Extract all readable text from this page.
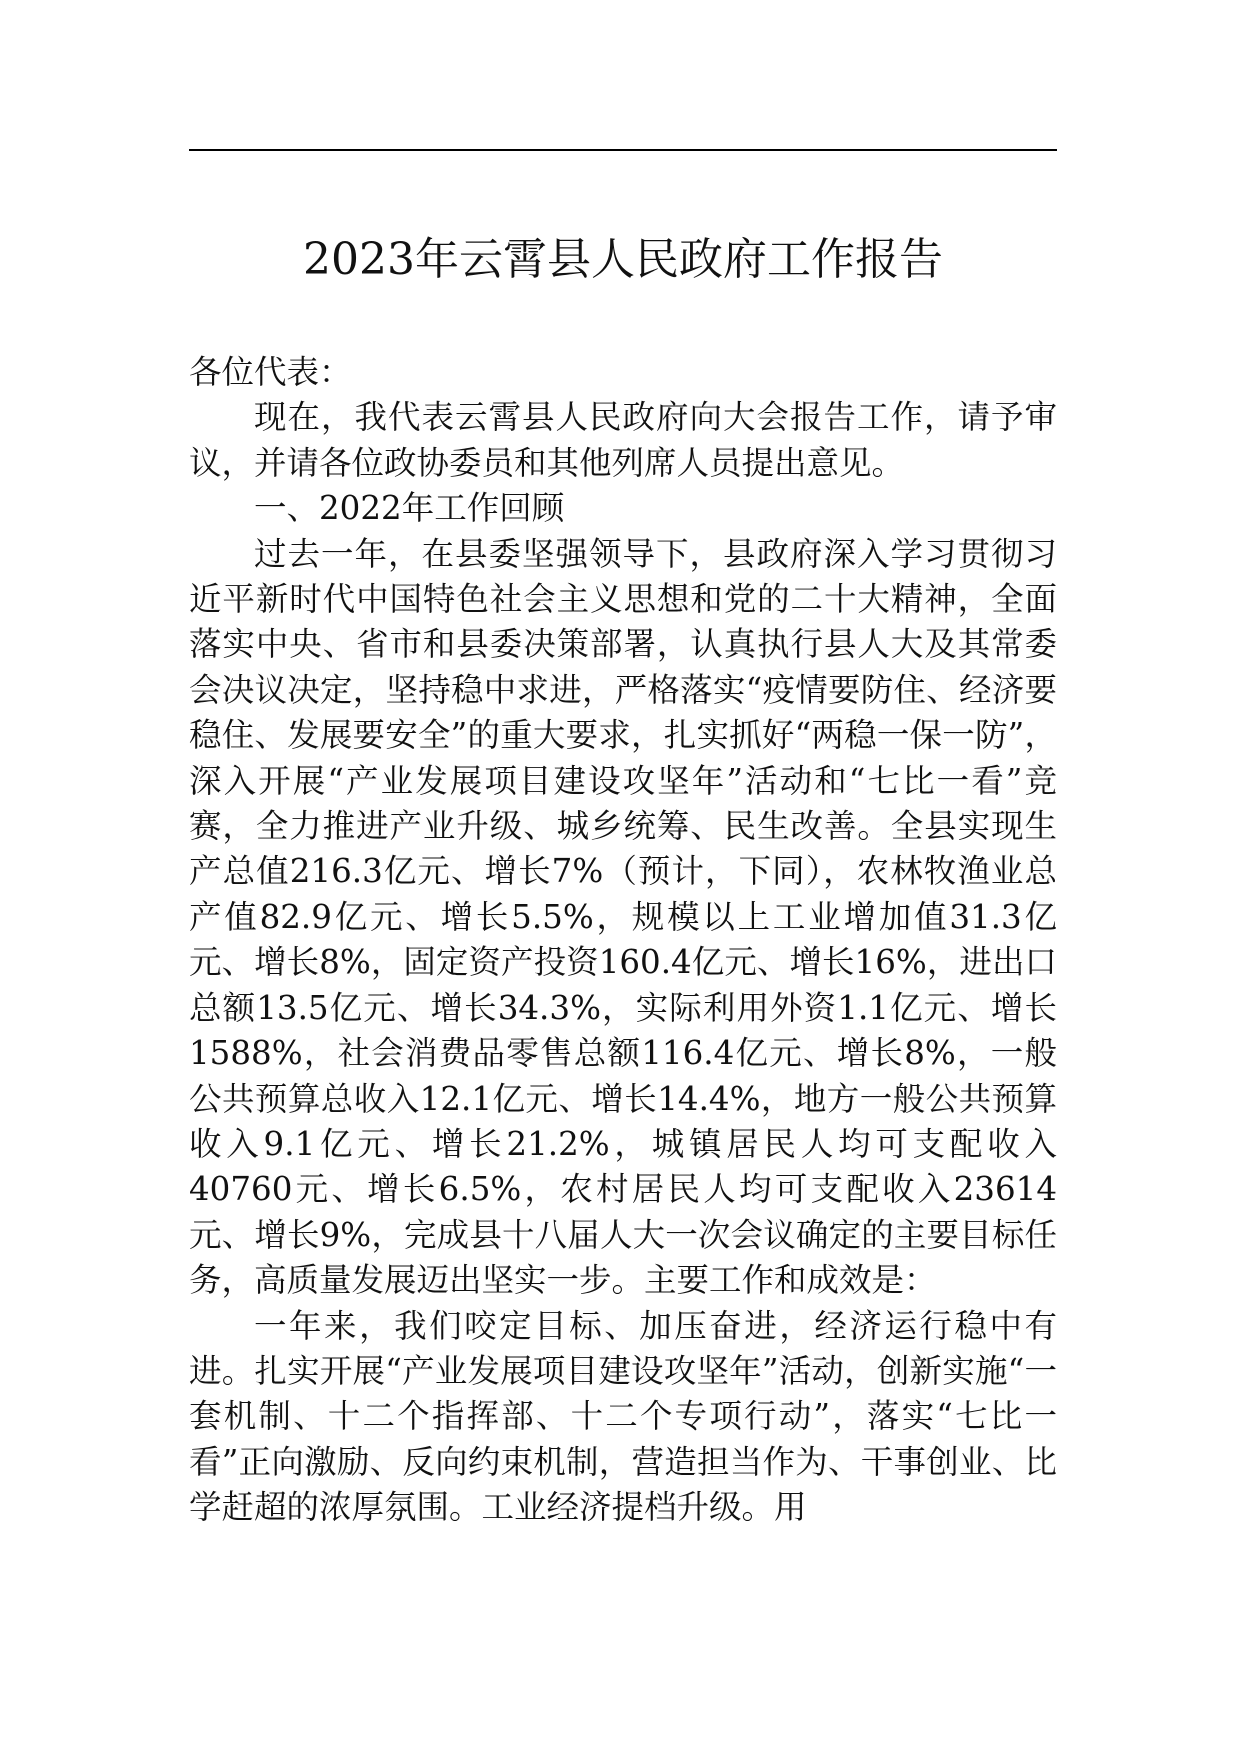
2023年云霄县人民政府工作报告

各位代表：

现在，我代表云霄县人民政府向大会报告工作，请予审议，并请各位政协委员和其他列席人员提出意见。

一、2022年工作回顾

过去一年，在县委坚强领导下，县政府深入学习贯彻习近平新时代中国特色社会主义思想和党的二十大精神，全面落实中央、省市和县委决策部署，认真执行县人大及其常委会决议决定，坚持稳中求进，严格落实“疫情要防住、经济要稳住、发展要安全”的重大要求，扎实抓好“两稳一保一防”，深入开展“产业发展项目建设攻坚年”活动和“七比一看”竞赛，全力推进产业升级、城乡统筹、民生改善。全县实现生产总值216.3亿元、增长7%（预计，下同），农林牧渔业总产值82.9亿元、增长5.5%，规模以上工业增加值31.3亿元、增长8%，固定资产投资160.4亿元、增长16%，进出口总额13.5亿元、增长34.3%，实际利用外资1.1亿元、增长1588%，社会消费品零售总额116.4亿元、增长8%，一般公共预算总收入12.1亿元、增长14.4%，地方一般公共预算收入9.1亿元、增长21.2%，城镇居民人均可支配收入40760元、增长6.5%，农村居民人均可支配收入23614元、增长9%，完成县十八届人大一次会议确定的主要目标任务，高质量发展迈出坚实一步。主要工作和成效是：

一年来，我们咬定目标、加压奋进，经济运行稳中有进。扎实开展“产业发展项目建设攻坚年”活动，创新实施“一套机制、十二个指挥部、十二个专项行动”，落实“七比一看”正向激励、反向约束机制，营造担当作为、干事创业、比学赶超的浓厚氛围。工业经济提档升级。用
